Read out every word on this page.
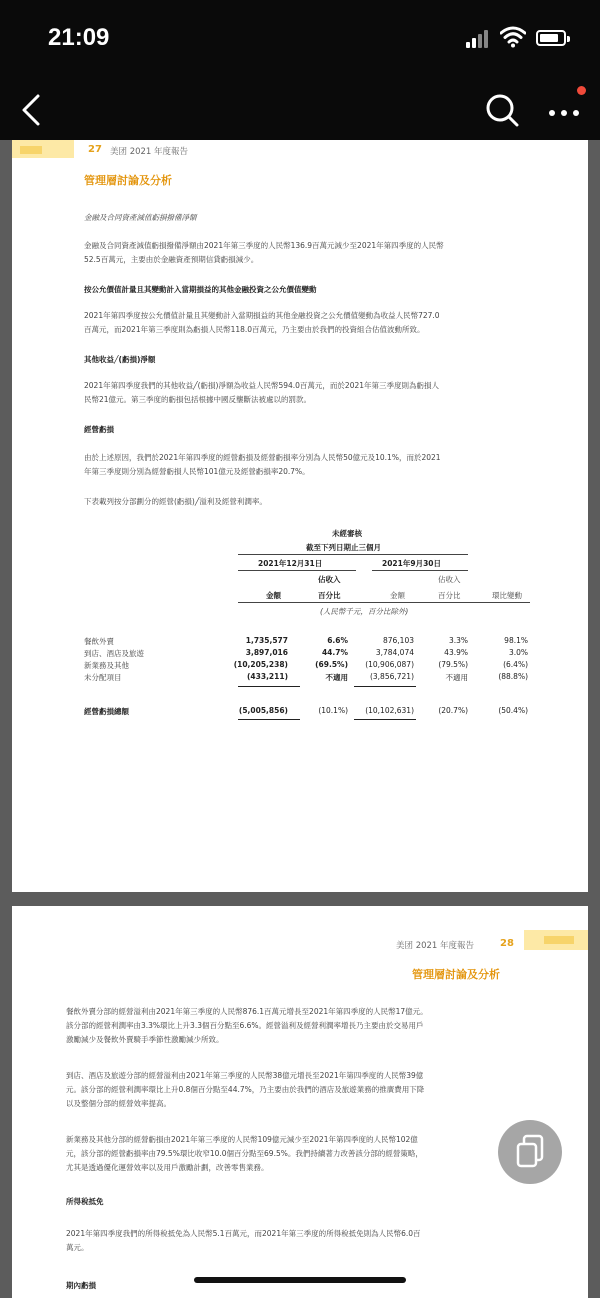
21:09
27 美团 2021 年度報告
管理層討論及分析
金融及合同資產減值虧損撥備淨額
金融及合同資產減值虧損撥備淨額由2021年第三季度的人民幣136.9百萬元減少至2021年第四季度的人民幣
52.5百萬元，主要由於金融資產預期信貸虧損減少。
按公允價值計量且其變動計入當期損益的其他金融投資之公允價值變動
2021年第四季度按公允價值計量且其變動計入當期損益的其他金融投資之公允價值變動為收益人民幣727.0
百萬元，而2021年第三季度則為虧損人民幣118.0百萬元，乃主要由於我們的投資組合估值波動所致。
其他收益╱(虧損)淨額
2021年第四季度我們的其他收益╱(虧損)淨額為收益人民幣594.0百萬元，而於2021年第三季度則為虧損人
民幣21億元。第三季度的虧損包括根據中國反壟斷法被處以的罰款。
經營虧損
由於上述原因，我們於2021年第四季度的經營虧損及經營虧損率分別為人民幣50億元及10.1%，而於2021
年第三季度則分別為經營虧損人民幣101億元及經營虧損率20.7%。
下表載列按分部劃分的經營(虧損)╱溢利及經營利潤率。
未經審核
截至下列日期止三個月
2021年12月31日	2021年9月30日
佔收入	佔收入
金額	百分比	金額	百分比	環比變動
(人民幣千元，百分比除外)
餐飲外賣	1,735,577	6.6%	876,103	3.3%	98.1%
到店、酒店及旅遊	3,897,016	44.7%	3,784,074	43.9%	3.0%
新業務及其他	(10,205,238)	(69.5%)	(10,906,087)	(79.5%)	(6.4%)
未分配項目	(433,211)	不適用	(3,856,721)	不適用	(88.8%)
經營虧損總額	(5,005,856)	(10.1%)	(10,102,631)	(20.7%)	(50.4%)
美团 2021 年度報告	28
管理層討論及分析
餐飲外賣分部的經營溢利由2021年第三季度的人民幣876.1百萬元增長至2021年第四季度的人民幣17億元。
該分部的經營利潤率由3.3%環比上升3.3個百分點至6.6%。經營溢利及經營利潤率增長乃主要由於交易用戶
激勵減少及餐飲外賣騎手季節性激勵減少所致。
到店、酒店及旅遊分部的經營溢利由2021年第三季度的人民幣38億元增長至2021年第四季度的人民幣39億
元。該分部的經營利潤率環比上升0.8個百分點至44.7%，乃主要由於我們的酒店及旅遊業務的推廣費用下降
以及整個分部的經營效率提高。
新業務及其他分部的經營虧損由2021年第三季度的人民幣109億元減少至2021年第四季度的人民幣102億
元，該分部的經營虧損率由79.5%環比收窄10.0個百分點至69.5%。我們持續著力改善該分部的經營策略，
尤其是透過優化運營效率以及用戶激勵計劃，改善零售業務。
所得稅抵免
2021年第四季度我們的所得稅抵免為人民幣5.1百萬元，而2021年第三季度的所得稅抵免則為人民幣6.0百
萬元。
期內虧損
